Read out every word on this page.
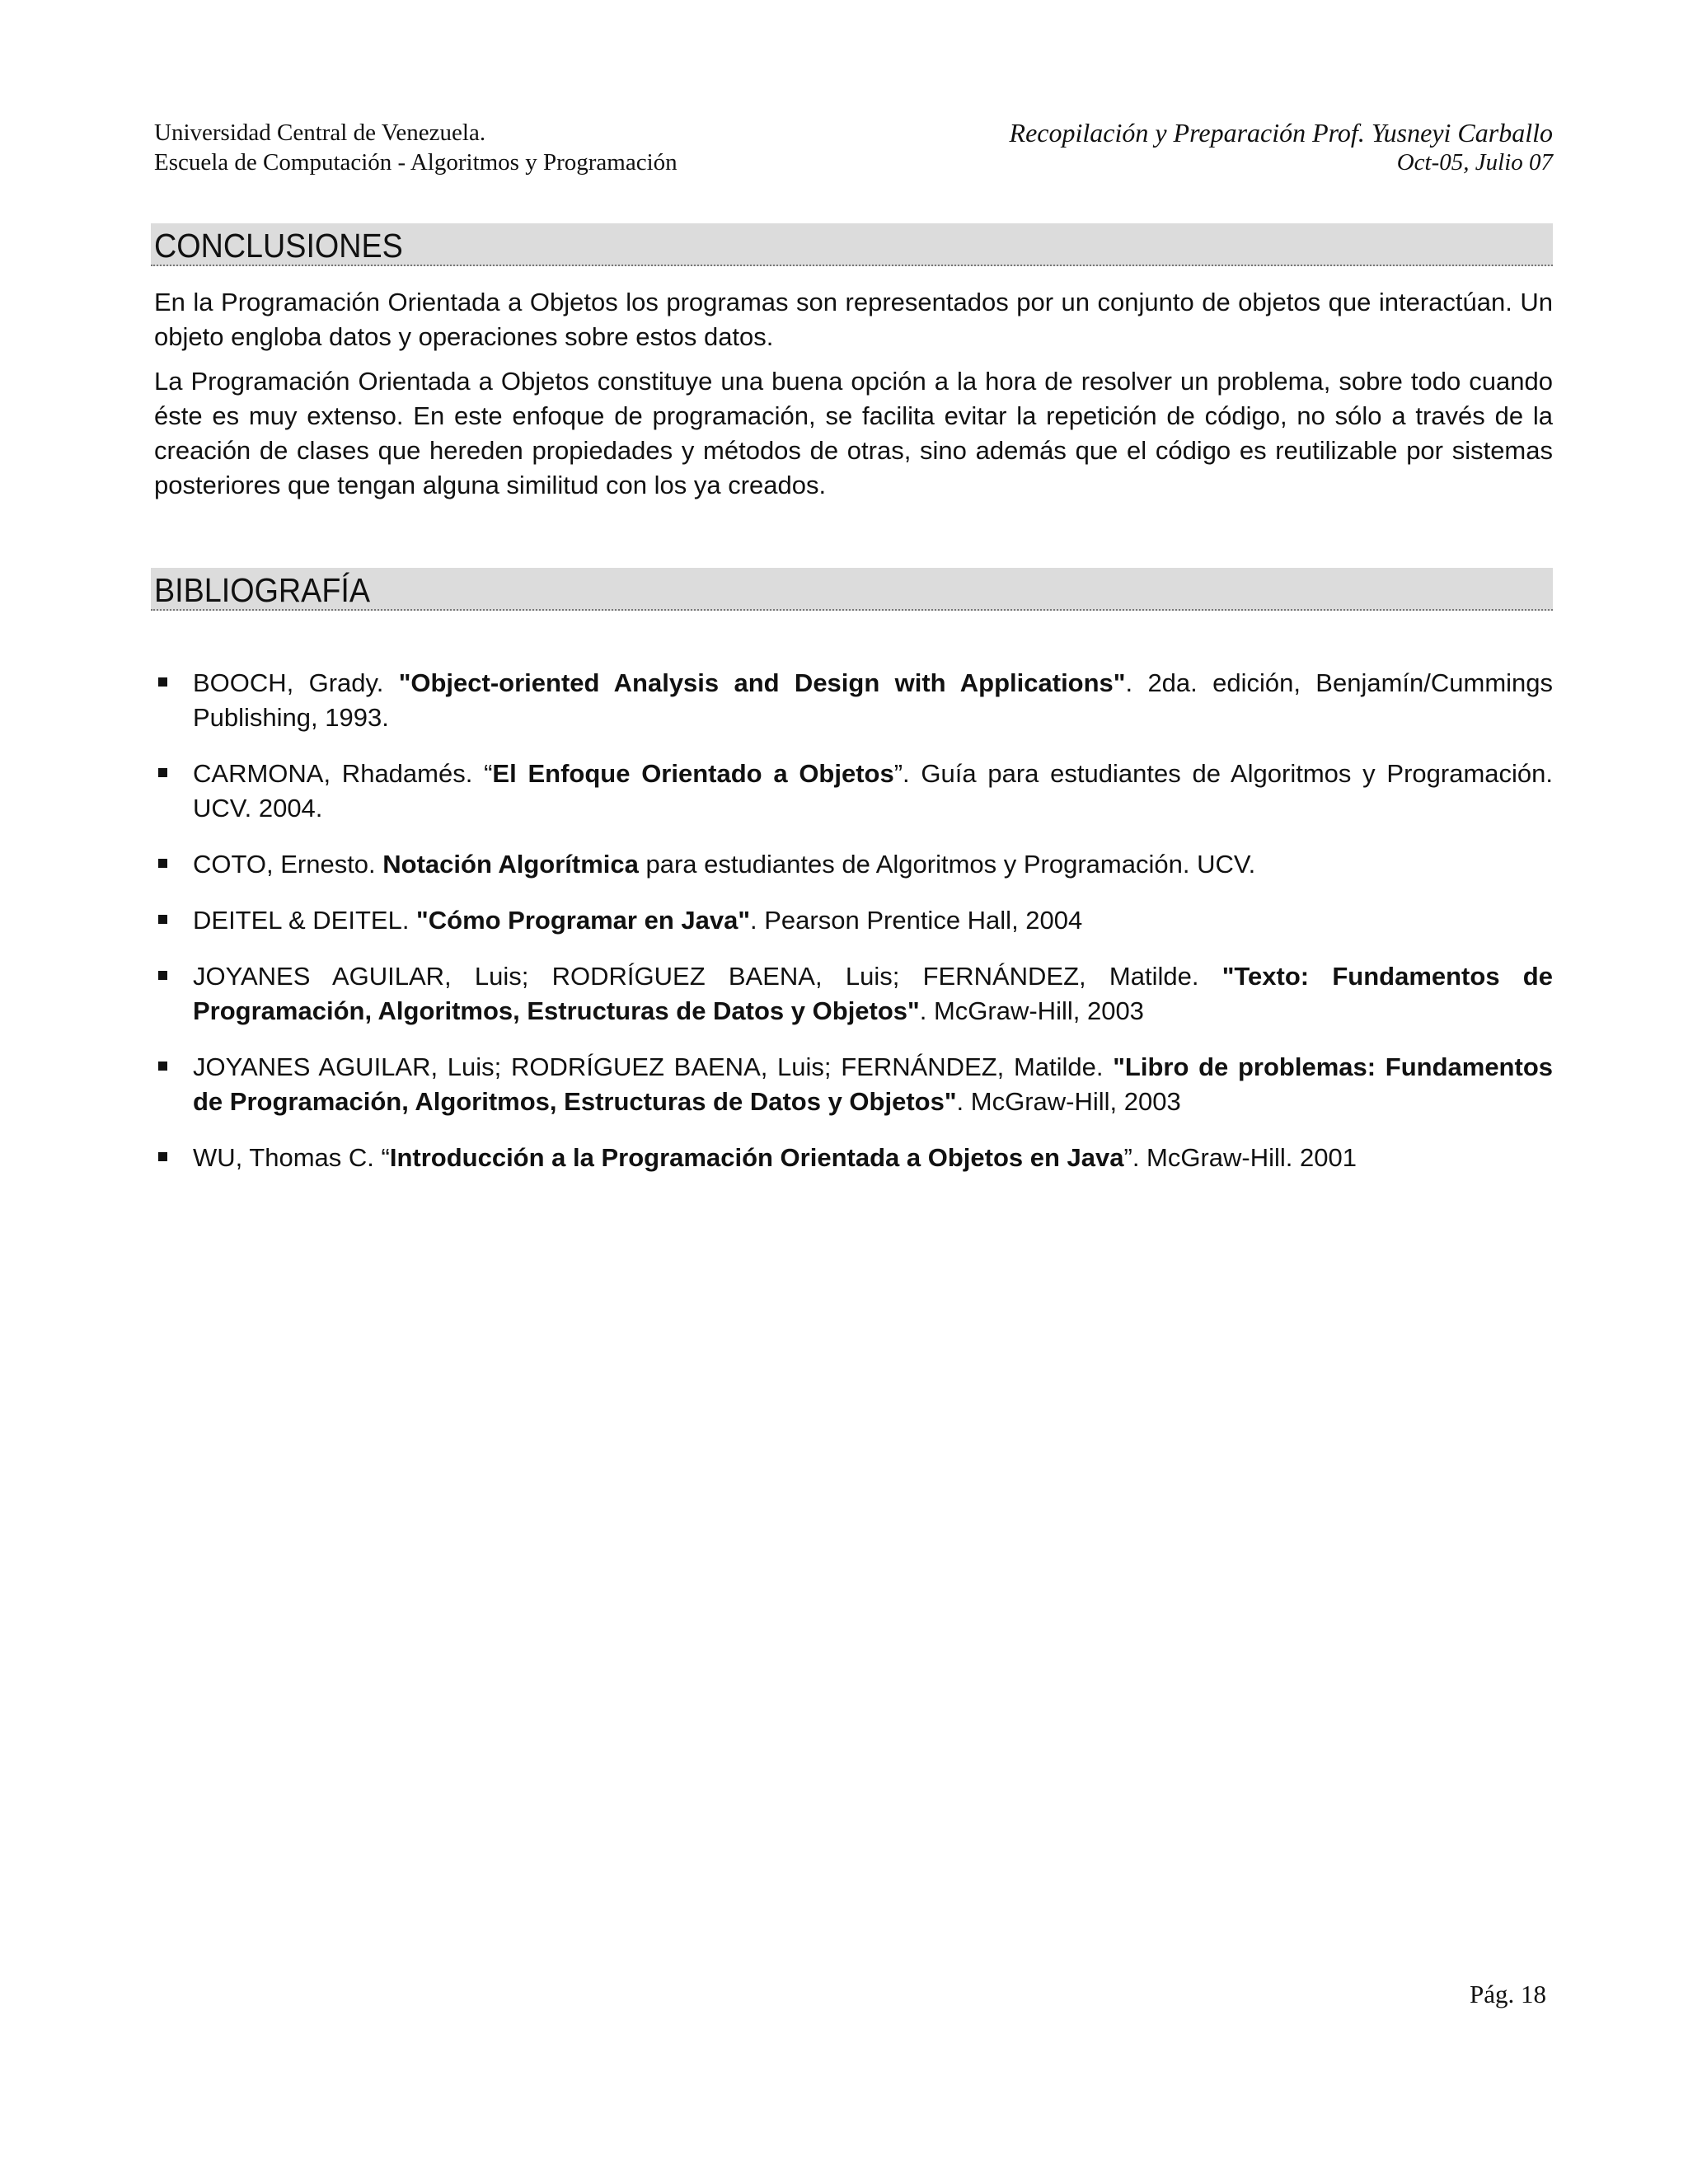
Universidad Central de Venezuela.
Escuela de Computación - Algoritmos y Programación
Recopilación y Preparación Prof. Yusneyi Carballo
Oct-05, Julio 07
CONCLUSIONES

En la Programación Orientada a Objetos los programas son representados por un conjunto de objetos que interactúan. Un objeto engloba datos y operaciones sobre estos datos.

La Programación Orientada a Objetos constituye una buena opción a la hora de resolver un problema, sobre todo cuando éste es muy extenso. En este enfoque de programación, se facilita evitar la repetición de código, no sólo a través de la creación de clases que hereden propiedades y métodos de otras, sino además que el código es reutilizable por sistemas posteriores que tengan alguna similitud con los ya creados.

BIBLIOGRAFÍA
BOOCH, Grady. "Object-oriented Analysis and Design with Applications". 2da. edición, Benjamín/Cummings Publishing, 1993.
CARMONA, Rhadamés. “El Enfoque Orientado a Objetos”. Guía para estudiantes de Algoritmos y Programación. UCV. 2004.
COTO, Ernesto. Notación Algorítmica para estudiantes de Algoritmos y Programación. UCV.
DEITEL & DEITEL. "Cómo Programar en Java". Pearson Prentice Hall, 2004
JOYANES AGUILAR, Luis; RODRÍGUEZ BAENA, Luis; FERNÁNDEZ, Matilde. "Texto: Fundamentos de Programación, Algoritmos, Estructuras de Datos y Objetos". McGraw-Hill, 2003
JOYANES AGUILAR, Luis; RODRÍGUEZ BAENA, Luis; FERNÁNDEZ, Matilde. "Libro de problemas: Fundamentos de Programación, Algoritmos, Estructuras de Datos y Objetos". McGraw-Hill, 2003
WU, Thomas C. “Introducción a la Programación Orientada a Objetos en Java”. McGraw-Hill. 2001
Pág. 18
